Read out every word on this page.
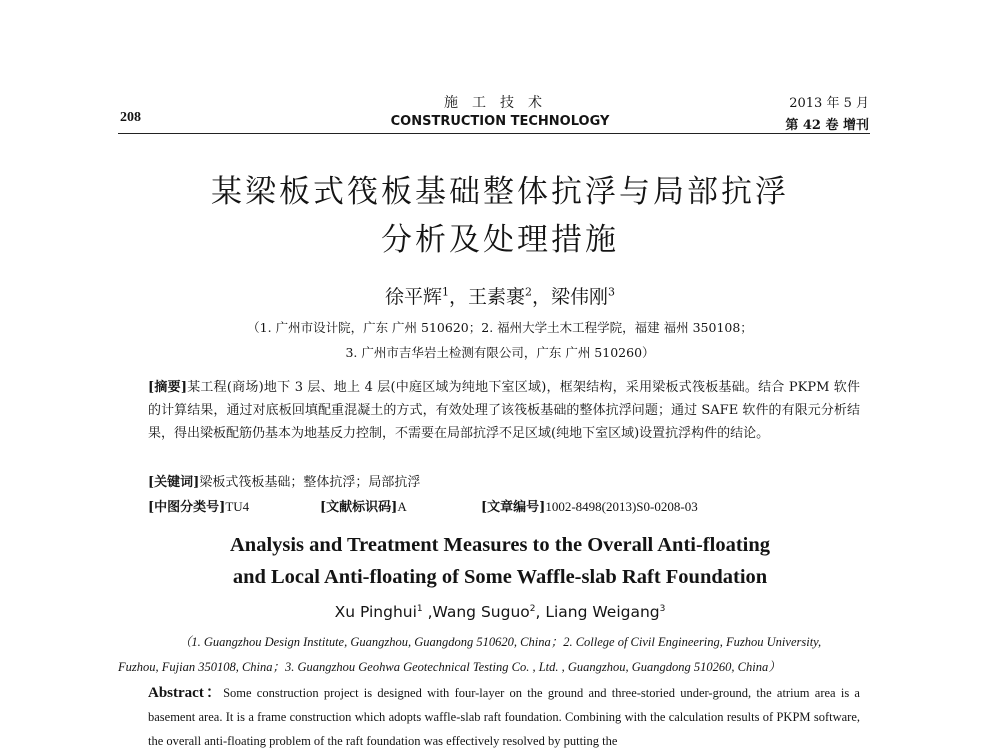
208
施工技术
CONSTRUCTION TECHNOLOGY
2013 年 5 月
第 42 卷 增刊
某梁板式筏板基础整体抗浮与局部抗浮
分析及处理措施
徐平辉$^1$，王素裹$^2$，梁伟刚$^3$
（1. 广州市设计院，广东 广州 510620；2. 福州大学土木工程学院，福建 福州 350108；
3. 广州市吉华岩土检测有限公司，广东 广州 510260）
[摘要]某工程(商场)地下 3 层、地上 4 层(中庭区域为纯地下室区域)，框架结构，采用梁板式筏板基础。结合 PKPM 软件的计算结果，通过对底板回填配重混凝土的方式，有效处理了该筏板基础的整体抗浮问题；通过 SAFE 软件的有限元分析结果，得出梁板配筋仍基本为地基反力控制，不需要在局部抗浮不足区域(纯地下室区域)设置抗浮构件的结论。
[关键词]梁板式筏板基础；整体抗浮；局部抗浮
[中图分类号]TU4	[文献标识码]A	[文章编号]1002-8498(2013)S0-0208-03
Analysis and Treatment Measures to the Overall Anti-floating
and Local Anti-floating of Some Waffle-slab Raft Foundation
Xu Pinghui$^1$ ,Wang Suguo$^2$, Liang Weigang$^3$
（1. Guangzhou Design Institute, Guangzhou, Guangdong 510620, China；2. College of Civil Engineering, Fuzhou University,
Fuzhou, Fujian 350108, China；3. Guangzhou Geohwa Geotechnical Testing Co. , Ltd. , Guangzhou, Guangdong 510260, China）
Abstract：Some construction project is designed with four-layer on the ground and three-storied under-ground, the atrium area is a basement area. It is a frame construction which adopts waffle-slab raft foundation. Combining with the calculation results of PKPM software, the overall anti-floating problem of the raft foundation was effectively resolved by putting the
